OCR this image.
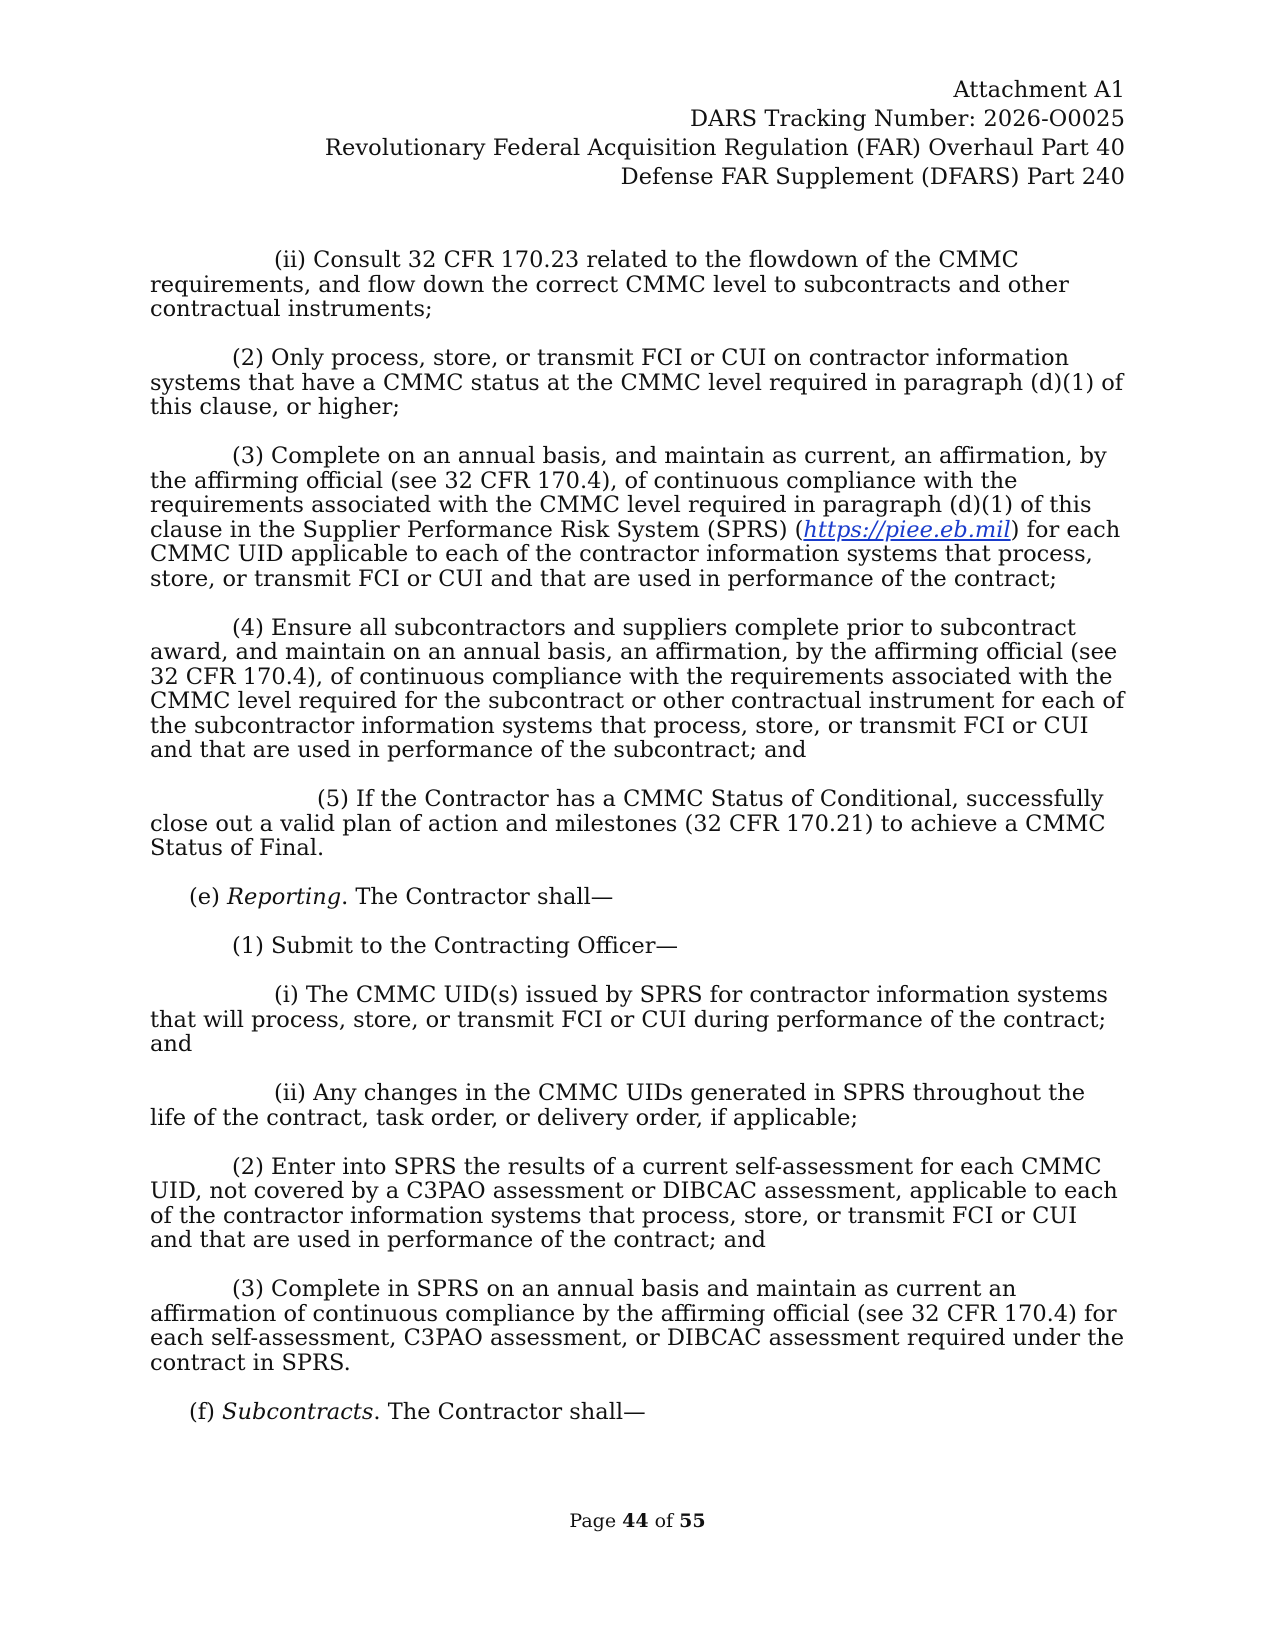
Attachment A1
DARS Tracking Number: 2026-O0025
Revolutionary Federal Acquisition Regulation (FAR) Overhaul Part 40
Defense FAR Supplement (DFARS) Part 240

(ii) Consult 32 CFR 170.23 related to the flowdown of the CMMC requirements, and flow down the correct CMMC level to subcontracts and other contractual instruments;

(2) Only process, store, or transmit FCI or CUI on contractor information systems that have a CMMC status at the CMMC level required in paragraph (d)(1) of this clause, or higher;

(3) Complete on an annual basis, and maintain as current, an affirmation, by the affirming official (see 32 CFR 170.4), of continuous compliance with the requirements associated with the CMMC level required in paragraph (d)(1) of this clause in the Supplier Performance Risk System (SPRS) (https://piee.eb.mil) for each CMMC UID applicable to each of the contractor information systems that process, store, or transmit FCI or CUI and that are used in performance of the contract;

(4) Ensure all subcontractors and suppliers complete prior to subcontract award, and maintain on an annual basis, an affirmation, by the affirming official (see 32 CFR 170.4), of continuous compliance with the requirements associated with the CMMC level required for the subcontract or other contractual instrument for each of the subcontractor information systems that process, store, or transmit FCI or CUI and that are used in performance of the subcontract; and

(5) If the Contractor has a CMMC Status of Conditional, successfully close out a valid plan of action and milestones (32 CFR 170.21) to achieve a CMMC Status of Final.

(e) Reporting. The Contractor shall—

(1) Submit to the Contracting Officer—

(i) The CMMC UID(s) issued by SPRS for contractor information systems that will process, store, or transmit FCI or CUI during performance of the contract; and

(ii) Any changes in the CMMC UIDs generated in SPRS throughout the life of the contract, task order, or delivery order, if applicable;

(2) Enter into SPRS the results of a current self-assessment for each CMMC UID, not covered by a C3PAO assessment or DIBCAC assessment, applicable to each of the contractor information systems that process, store, or transmit FCI or CUI and that are used in performance of the contract; and

(3) Complete in SPRS on an annual basis and maintain as current an affirmation of continuous compliance by the affirming official (see 32 CFR 170.4) for each self-assessment, C3PAO assessment, or DIBCAC assessment required under the contract in SPRS.

(f) Subcontracts. The Contractor shall—

Page 44 of 55
